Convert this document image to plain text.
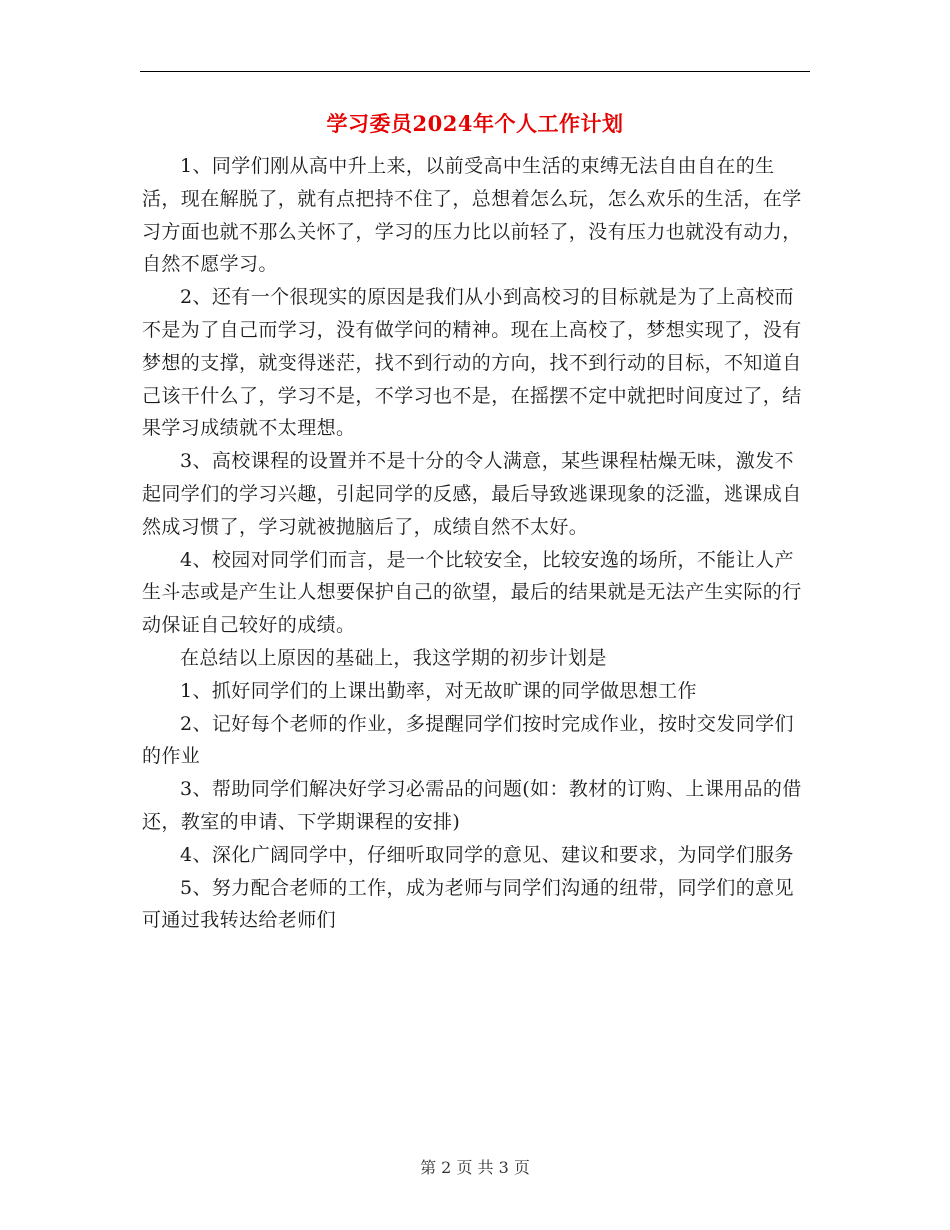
学习委员2024年个人工作计划

1、同学们刚从高中升上来，以前受高中生活的束缚无法自由自在的生活，现在解脱了，就有点把持不住了，总想着怎么玩，怎么欢乐的生活，在学习方面也就不那么关怀了，学习的压力比以前轻了，没有压力也就没有动力，自然不愿学习。

2、还有一个很现实的原因是我们从小到高校习的目标就是为了上高校而不是为了自己而学习，没有做学问的精神。现在上高校了，梦想实现了，没有梦想的支撑，就变得迷茫，找不到行动的方向，找不到行动的目标，不知道自己该干什么了，学习不是，不学习也不是，在摇摆不定中就把时间度过了，结果学习成绩就不太理想。

3、高校课程的设置并不是十分的令人满意，某些课程枯燥无味，激发不起同学们的学习兴趣，引起同学的反感，最后导致逃课现象的泛滥，逃课成自然成习惯了，学习就被抛脑后了，成绩自然不太好。

4、校园对同学们而言，是一个比较安全，比较安逸的场所，不能让人产生斗志或是产生让人想要保护自己的欲望，最后的结果就是无法产生实际的行动保证自己较好的成绩。

在总结以上原因的基础上，我这学期的初步计划是

1、抓好同学们的上课出勤率，对无故旷课的同学做思想工作

2、记好每个老师的作业，多提醒同学们按时完成作业，按时交发同学们的作业

3、帮助同学们解决好学习必需品的问题(如：教材的订购、上课用品的借还，教室的申请、下学期课程的安排)

4、深化广阔同学中，仔细听取同学的意见、建议和要求，为同学们服务

5、努力配合老师的工作，成为老师与同学们沟通的纽带，同学们的意见可通过我转达给老师们

第 2 页 共 3 页
